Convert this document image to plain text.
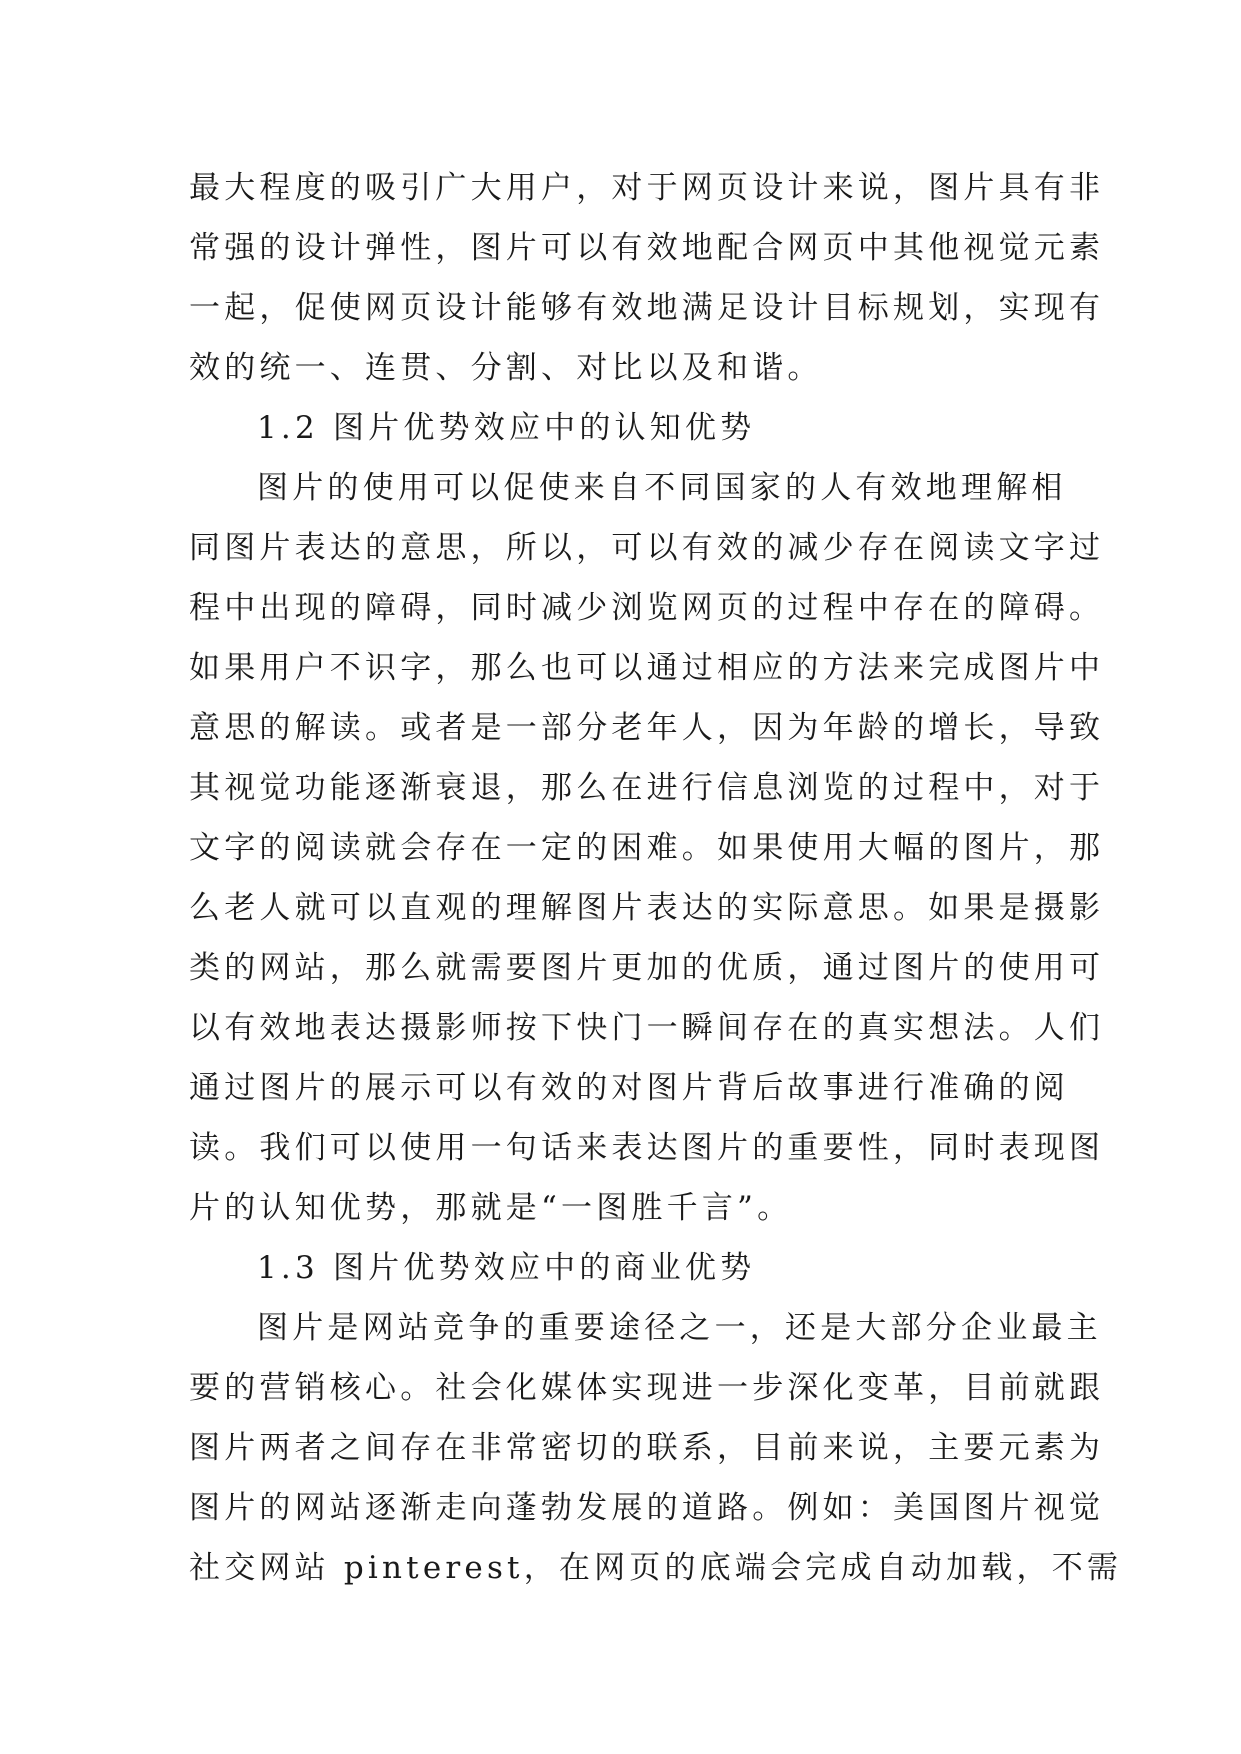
最大程度的吸引广大用户，对于网页设计来说，图片具有非
常强的设计弹性，图片可以有效地配合网页中其他视觉元素
一起，促使网页设计能够有效地满足设计目标规划，实现有
效的统一、连贯、分割、对比以及和谐。
1.2 图片优势效应中的认知优势
图片的使用可以促使来自不同国家的人有效地理解相
同图片表达的意思，所以，可以有效的减少存在阅读文字过
程中出现的障碍，同时减少浏览网页的过程中存在的障碍。
如果用户不识字，那么也可以通过相应的方法来完成图片中
意思的解读。或者是一部分老年人，因为年龄的增长，导致
其视觉功能逐渐衰退，那么在进行信息浏览的过程中，对于
文字的阅读就会存在一定的困难。如果使用大幅的图片，那
么老人就可以直观的理解图片表达的实际意思。如果是摄影
类的网站，那么就需要图片更加的优质，通过图片的使用可
以有效地表达摄影师按下快门一瞬间存在的真实想法。人们
通过图片的展示可以有效的对图片背后故事进行准确的阅
读。我们可以使用一句话来表达图片的重要性，同时表现图
片的认知优势，那就是“一图胜千言”。
1.3 图片优势效应中的商业优势
图片是网站竞争的重要途径之一，还是大部分企业最主
要的营销核心。社会化媒体实现进一步深化变革，目前就跟
图片两者之间存在非常密切的联系，目前来说，主要元素为
图片的网站逐渐走向蓬勃发展的道路。例如：美国图片视觉
社交网站 pinterest，在网页的底端会完成自动加载，不需
